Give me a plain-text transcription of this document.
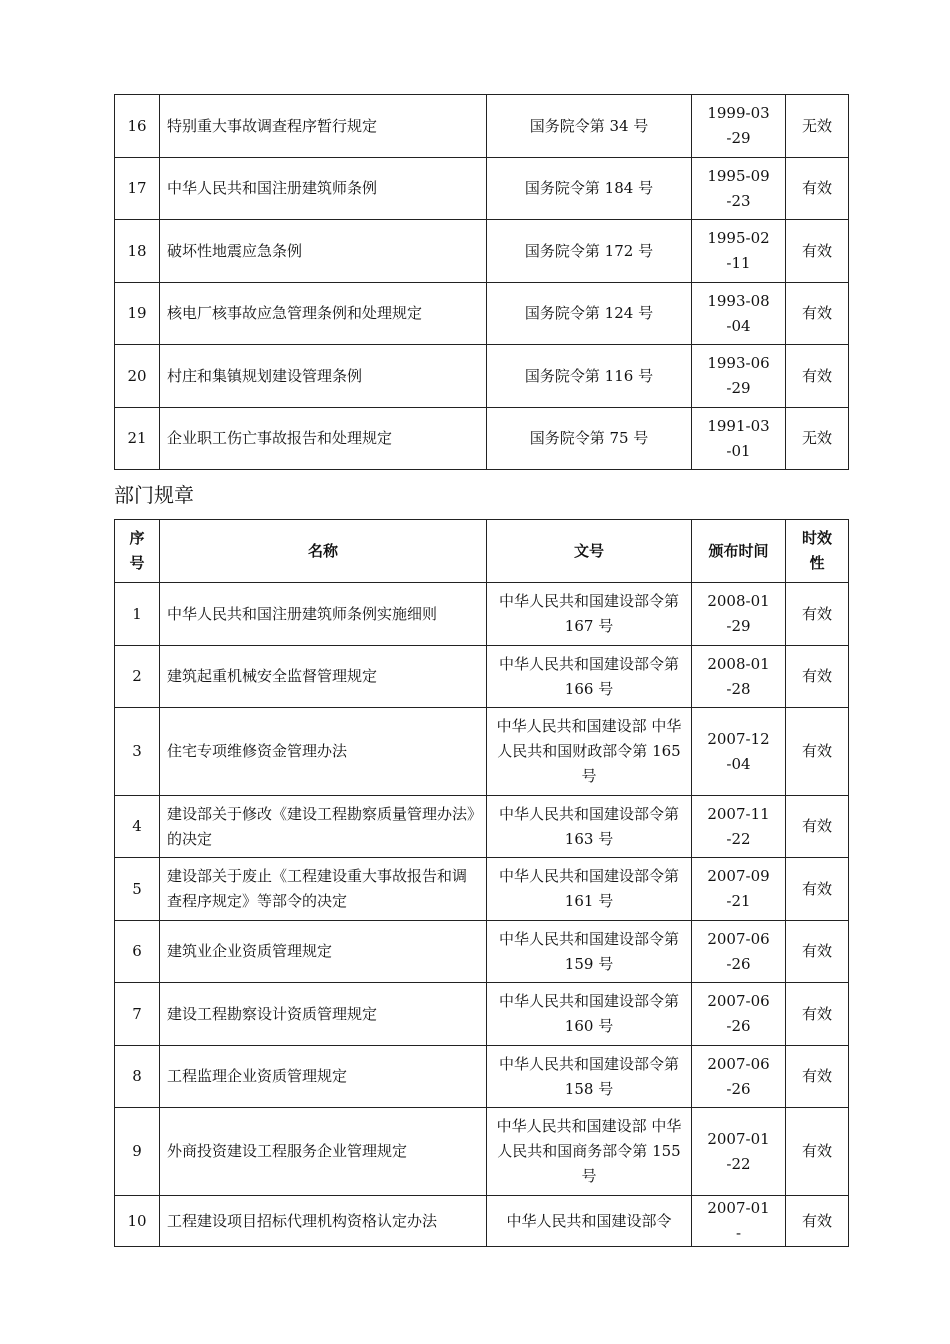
16	特别重大事故调查程序暂行规定	国务院令第 34 号	1999-03-29	无效
17	中华人民共和国注册建筑师条例	国务院令第 184 号	1995-09-23	有效
18	破坏性地震应急条例	国务院令第 172 号	1995-02-11	有效
19	核电厂核事故应急管理条例和处理规定	国务院令第 124 号	1993-08-04	有效
20	村庄和集镇规划建设管理条例	国务院令第 116 号	1993-06-29	有效
21	企业职工伤亡事故报告和处理规定	国务院令第 75 号	1991-03-01	无效
部门规章
序号	名称	文号	颁布时间	时效性
1	中华人民共和国注册建筑师条例实施细则	中华人民共和国建设部令第 167 号	2008-01-29	有效
2	建筑起重机械安全监督管理规定	中华人民共和国建设部令第 166 号	2008-01-28	有效
3	住宅专项维修资金管理办法	中华人民共和国建设部 中华人民共和国财政部令第 165 号	2007-12-04	有效
4	建设部关于修改《建设工程勘察质量管理办法》的决定	中华人民共和国建设部令第 163 号	2007-11-22	有效
5	建设部关于废止《工程建设重大事故报告和调查程序规定》等部令的决定	中华人民共和国建设部令第 161 号	2007-09-21	有效
6	建筑业企业资质管理规定	中华人民共和国建设部令第 159 号	2007-06-26	有效
7	建设工程勘察设计资质管理规定	中华人民共和国建设部令第 160 号	2007-06-26	有效
8	工程监理企业资质管理规定	中华人民共和国建设部令第 158 号	2007-06-26	有效
9	外商投资建设工程服务企业管理规定	中华人民共和国建设部 中华人民共和国商务部令第 155 号	2007-01-22	有效
10	工程建设项目招标代理机构资格认定办法	中华人民共和国建设部令	2007-01-	有效
